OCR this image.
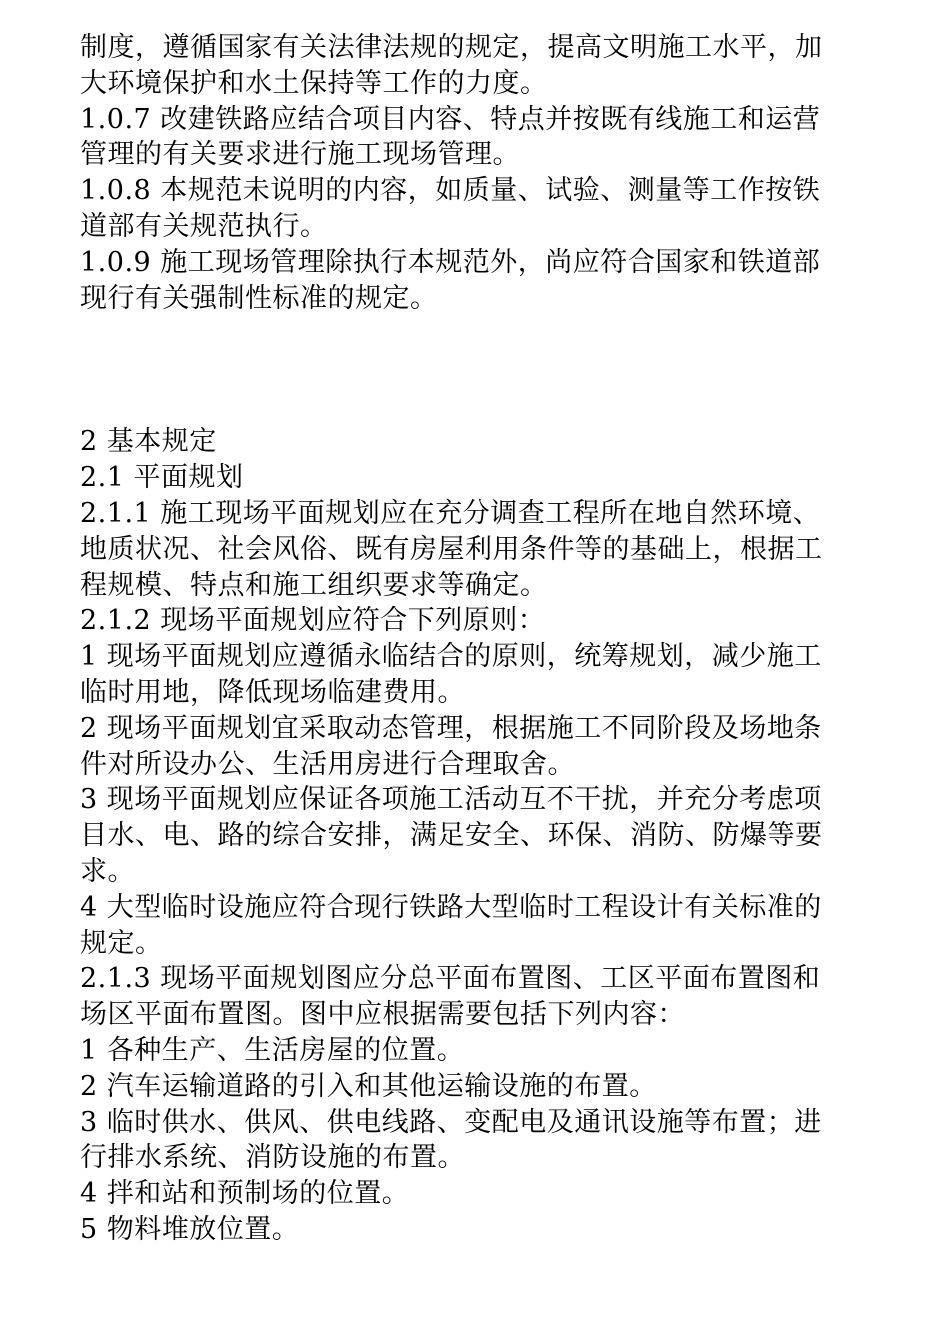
制度，遵循国家有关法律法规的规定，提高文明施工水平，加
大环境保护和水土保持等工作的力度。
1.0.7 改建铁路应结合项目内容、特点并按既有线施工和运营
管理的有关要求进行施工现场管理。
1.0.8 本规范未说明的内容，如质量、试验、测量等工作按铁
道部有关规范执行。
1.0.9 施工现场管理除执行本规范外，尚应符合国家和铁道部
现行有关强制性标准的规定。
2 基本规定
2.1 平面规划
2.1.1 施工现场平面规划应在充分调查工程所在地自然环境、
地质状况、社会风俗、既有房屋利用条件等的基础上，根据工
程规模、特点和施工组织要求等确定。
2.1.2 现场平面规划应符合下列原则：
1 现场平面规划应遵循永临结合的原则，统筹规划，减少施工
临时用地，降低现场临建费用。
2 现场平面规划宜采取动态管理，根据施工不同阶段及场地条
件对所设办公、生活用房进行合理取舍。
3 现场平面规划应保证各项施工活动互不干扰，并充分考虑项
目水、电、路的综合安排，满足安全、环保、消防、防爆等要
求。
4 大型临时设施应符合现行铁路大型临时工程设计有关标准的
规定。
2.1.3 现场平面规划图应分总平面布置图、工区平面布置图和
场区平面布置图。图中应根据需要包括下列内容：
1 各种生产、生活房屋的位置。
2 汽车运输道路的引入和其他运输设施的布置。
3 临时供水、供风、供电线路、变配电及通讯设施等布置；进
行排水系统、消防设施的布置。
4 拌和站和预制场的位置。
5 物料堆放位置。
